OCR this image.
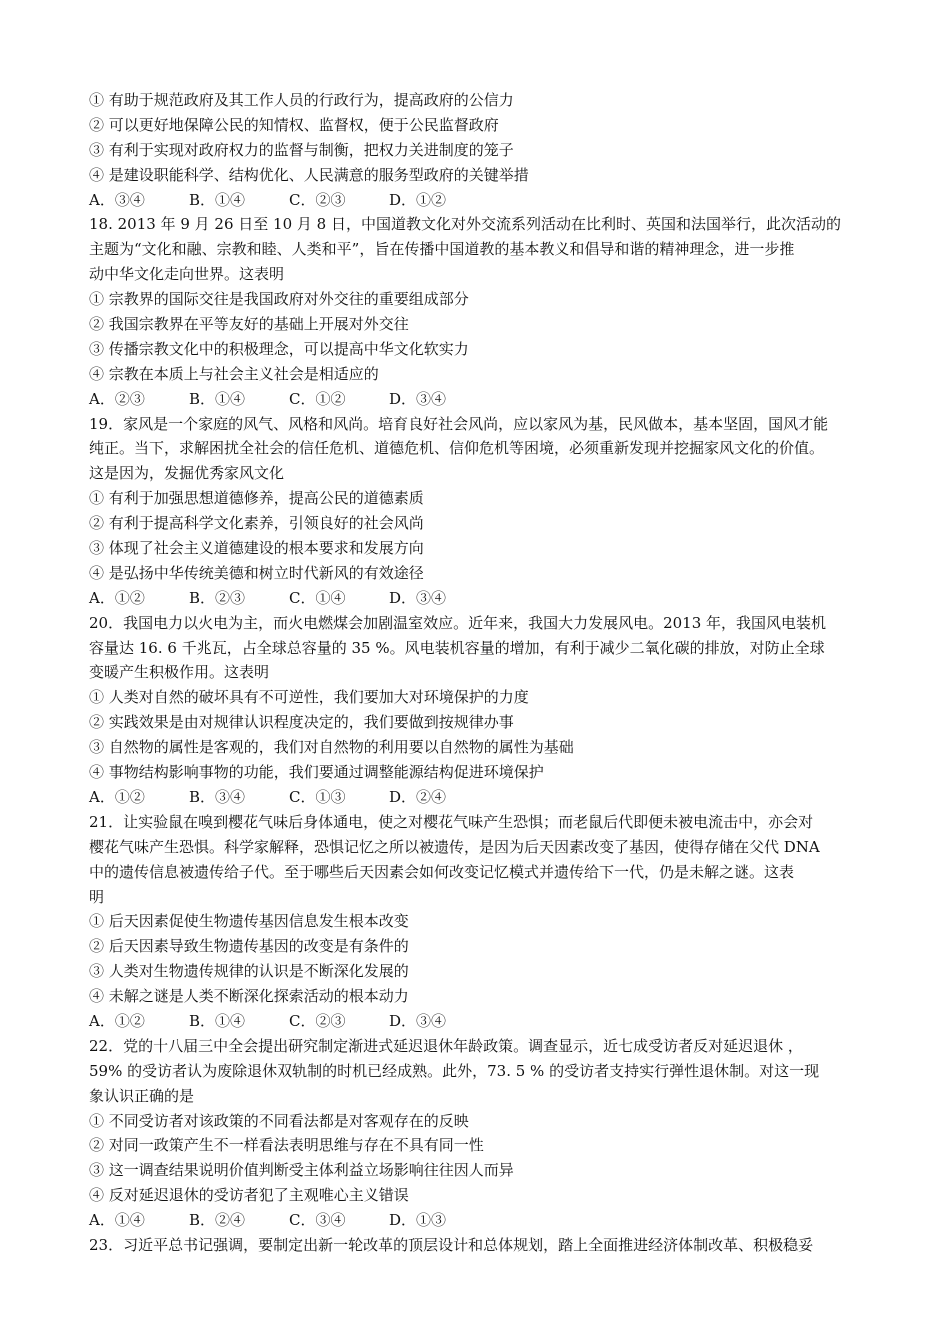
① 有助于规范政府及其工作人员的行政行为，提高政府的公信力
② 可以更好地保障公民的知情权、监督权，便于公民监督政府
③ 有利于实现对政府权力的监督与制衡，把权力关进制度的笼子
④ 是建设职能科学、结构优化、人民满意的服务型政府的关键举措
A．③④	B．①④	C．②③	D．①②
18. 2013 年 9 月 26 日至 10 月 8 日，中国道教文化对外交流系列活动在比利时、英国和法国举行，此次活动的
主题为“文化和融、宗教和睦、人类和平”，旨在传播中国道教的基本教义和倡导和谐的精神理念，进一步推
动中华文化走向世界。这表明
① 宗教界的国际交往是我国政府对外交往的重要组成部分
② 我国宗教界在平等友好的基础上开展对外交往
③ 传播宗教文化中的积极理念，可以提高中华文化软实力
④ 宗教在本质上与社会主义社会是相适应的
A．②③	B．①④	C．①②	D．③④
19．家风是一个家庭的风气、风格和风尚。培育良好社会风尚，应以家风为基，民风做本，基本坚固，国风才能
纯正。当下，求解困扰全社会的信任危机、道德危机、信仰危机等困境，必须重新发现并挖掘家风文化的价值。
这是因为，发掘优秀家风文化
① 有利于加强思想道德修养，提高公民的道德素质
② 有利于提高科学文化素养，引领良好的社会风尚
③ 体现了社会主义道德建设的根本要求和发展方向
④ 是弘扬中华传统美德和树立时代新风的有效途径
A．①②	B．②③	C．①④	D．③④
20．我国电力以火电为主，而火电燃煤会加剧温室效应。近年来，我国大力发展风电。2013 年，我国风电装机
容量达 16. 6 千兆瓦，占全球总容量的 35 %。风电装机容量的增加，有利于减少二氧化碳的排放，对防止全球
变暖产生积极作用。这表明
① 人类对自然的破坏具有不可逆性，我们要加大对环境保护的力度
② 实践效果是由对规律认识程度决定的，我们要做到按规律办事
③ 自然物的属性是客观的，我们对自然物的利用要以自然物的属性为基础
④ 事物结构影响事物的功能，我们要通过调整能源结构促进环境保护
A．①②	B．③④	C．①③	D．②④
21．让实验鼠在嗅到樱花气味后身体通电，使之对樱花气味产生恐惧；而老鼠后代即便未被电流击中，亦会对
樱花气味产生恐惧。科学家解释，恐惧记忆之所以被遗传，是因为后天因素改变了基因，使得存储在父代 DNA
中的遗传信息被遗传给子代。至于哪些后天因素会如何改变记忆模式并遗传给下一代，仍是未解之谜。这表
明
① 后天因素促使生物遗传基因信息发生根本改变
② 后天因素导致生物遗传基因的改变是有条件的
③ 人类对生物遗传规律的认识是不断深化发展的
④ 未解之谜是人类不断深化探索活动的根本动力
A．①②	B．①④	C．②③	D．③④
22．党的十八届三中全会提出研究制定渐进式延迟退休年龄政策。调查显示，近七成受访者反对延迟退休 ，
59% 的受访者认为废除退休双轨制的时机已经成熟。此外，73. 5 % 的受访者支持实行弹性退休制。对这一现
象认识正确的是
① 不同受访者对该政策的不同看法都是对客观存在的反映
② 对同一政策产生不一样看法表明思维与存在不具有同一性
③ 这一调查结果说明价值判断受主体利益立场影响往往因人而异
④ 反对延迟退休的受访者犯了主观唯心主义错误
A．①④	B．②④	C．③④	D．①③
23．习近平总书记强调，要制定出新一轮改革的顶层设计和总体规划，踏上全面推进经济体制改革、积极稳妥
